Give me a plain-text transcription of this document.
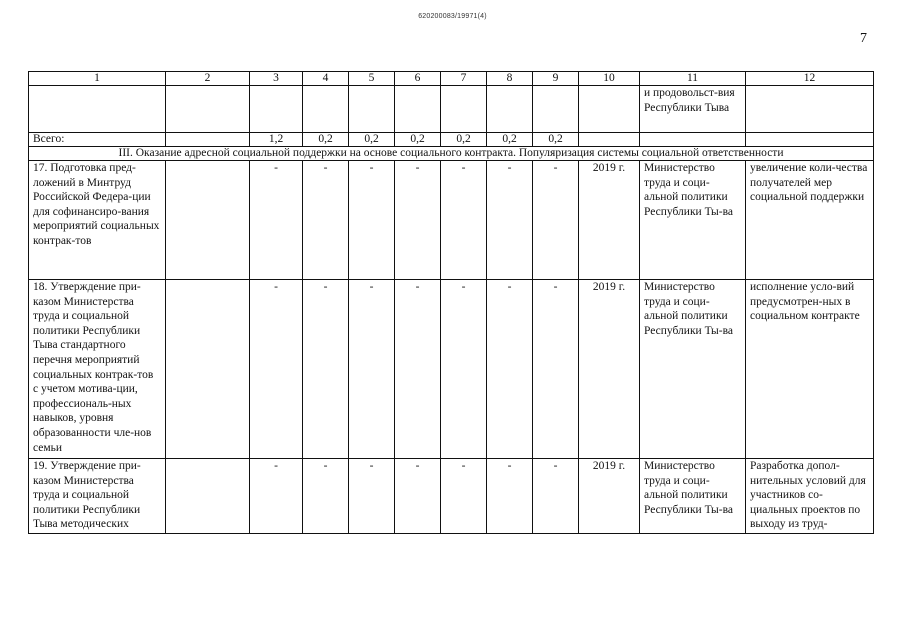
620200083/19971(4)
7
1	2	3	4	5	6	7	8	9	10	11	12
										и продовольст-вия Республики Тыва	
Всего:		1,2	0,2	0,2	0,2	0,2	0,2	0,2			
III. Оказание адресной социальной поддержки на основе социального контракта. Популяризация системы социальной ответственности											
17. Подготовка пред-ложений в Минтруд Российской Федера-ции для софинансиро-вания мероприятий социальных контрак-тов		-	-	-	-	-	-	-	2019 г.	Министерство труда и соци-альной политики Республики Ты-ва	увеличение коли-чества получателей мер социальной поддержки
18. Утверждение при-казом Министерства труда и социальной политики Республики Тыва стандартного перечня мероприятий социальных контрак-тов с учетом мотива-ции, профессиональ-ных навыков, уровня образованности чле-нов семьи		-	-	-	-	-	-	-	2019 г.	Министерство труда и соци-альной политики Республики Ты-ва	исполнение усло-вий предусмотрен-ных в социальном контракте
19. Утверждение при-казом Министерства труда и социальной политики Республики Тыва методических		-	-	-	-	-	-	-	2019 г.	Министерство труда и соци-альной политики Республики Ты-ва	Разработка допол-нительных условий для участников со-циальных проектов по выходу из труд-
